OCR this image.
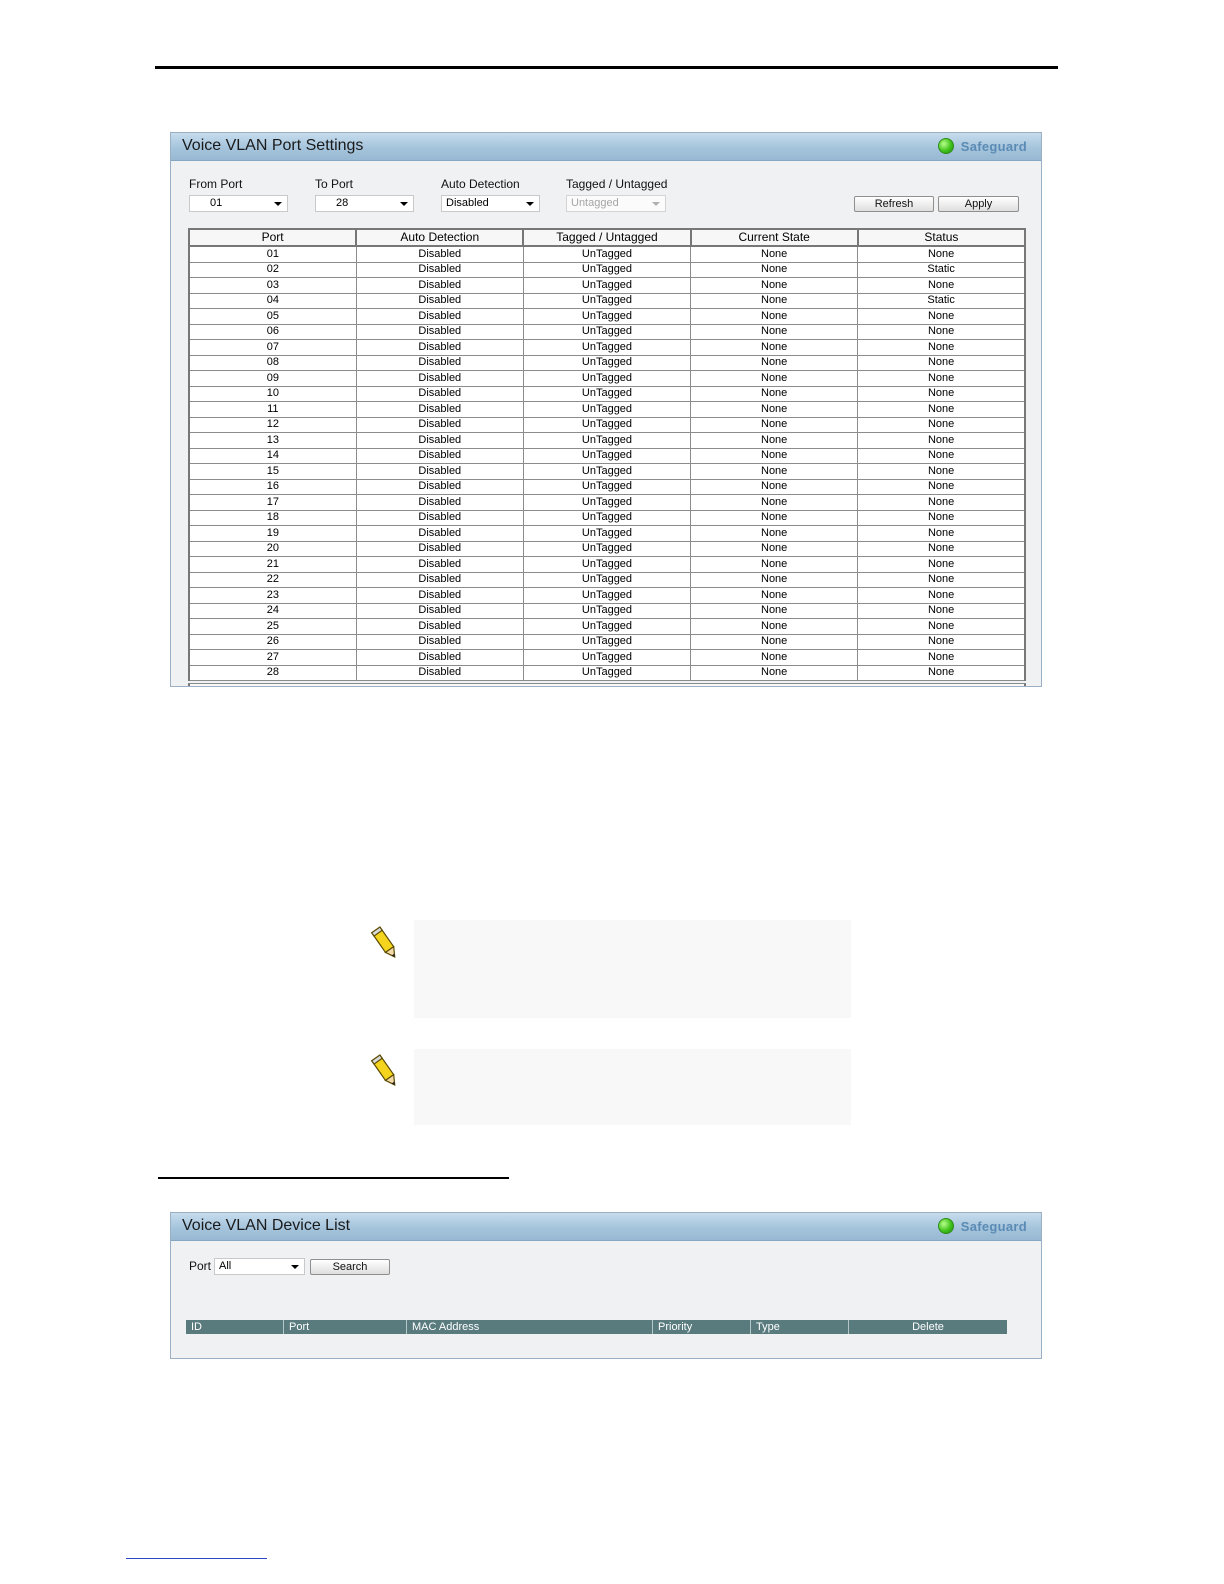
Voice VLAN Port Settings	Safeguard
From Port
01
To Port
28
Auto Detection
Disabled
Tagged / Untagged
Untagged	Refresh	Apply
Port	Auto Detection	Tagged / Untagged	Current State	Status
01	Disabled	UnTagged	None	None
02	Disabled	UnTagged	None	Static
03	Disabled	UnTagged	None	None
04	Disabled	UnTagged	None	Static
05	Disabled	UnTagged	None	None
06	Disabled	UnTagged	None	None
07	Disabled	UnTagged	None	None
08	Disabled	UnTagged	None	None
09	Disabled	UnTagged	None	None
10	Disabled	UnTagged	None	None
11	Disabled	UnTagged	None	None
12	Disabled	UnTagged	None	None
13	Disabled	UnTagged	None	None
14	Disabled	UnTagged	None	None
15	Disabled	UnTagged	None	None
16	Disabled	UnTagged	None	None
17	Disabled	UnTagged	None	None
18	Disabled	UnTagged	None	None
19	Disabled	UnTagged	None	None
20	Disabled	UnTagged	None	None
21	Disabled	UnTagged	None	None
22	Disabled	UnTagged	None	None
23	Disabled	UnTagged	None	None
24	Disabled	UnTagged	None	None
25	Disabled	UnTagged	None	None
26	Disabled	UnTagged	None	None
27	Disabled	UnTagged	None	None
28	Disabled	UnTagged	None	None
Voice VLAN Device List	Safeguard
Port All	Search
ID	Port	MAC Address	Priority	Type	Delete
